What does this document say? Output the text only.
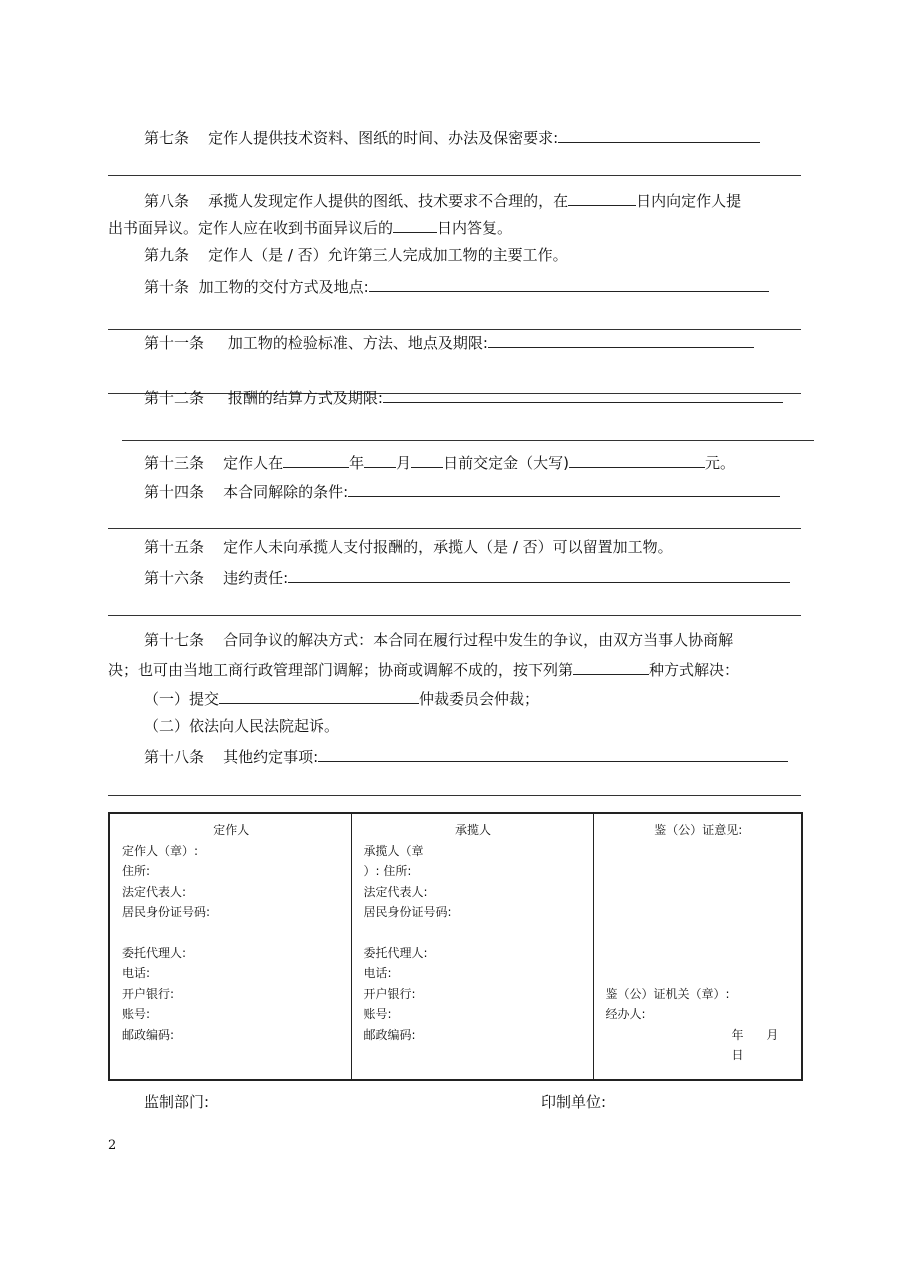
第七条 定作人提供技术资料、图纸的时间、办法及保密要求:
第八条 承揽人发现定作人提供的图纸、技术要求不合理的，在	日内向定作人提
出书面异议。定作人应在收到书面异议后的	日内答复。
第九条 定作人（是 / 否）允许第三人完成加工物的主要工作。
第十条 加工物的交付方式及地点:
第十一条 加工物的检验标准、方法、地点及期限:
第十二条 报酬的结算方式及期限:
第十三条 定作人在	年 月 日前交定金（大写)	元。
第十四条 本合同解除的条件:
第十五条 定作人未向承揽人支付报酬的，承揽人（是 / 否）可以留置加工物。
第十六条 违约责任:
第十七条 合同争议的解决方式：本合同在履行过程中发生的争议，由双方当事人协商解
决；也可由当地工商行政管理部门调解；协商或调解不成的，按下列第	种方式解决：
（一）提交	仲裁委员会仲裁；
（二）依法向人民法院起诉。
第十八条 其他约定事项:
定作人
定作人（章）:
住所:
法定代表人:
居民身份证号码:
委托代理人:
电话:
开户银行:
账号:
邮政编码:

承揽人
承揽人（章
）: 住所:
法定代表人:
居民身份证号码:
委托代理人:
电话:
开户银行:
账号:
邮政编码:

鉴（公）证意见:
鉴（公）证机关（章）:
经办人:
年      月
日
监制部门:	印制单位:
2
